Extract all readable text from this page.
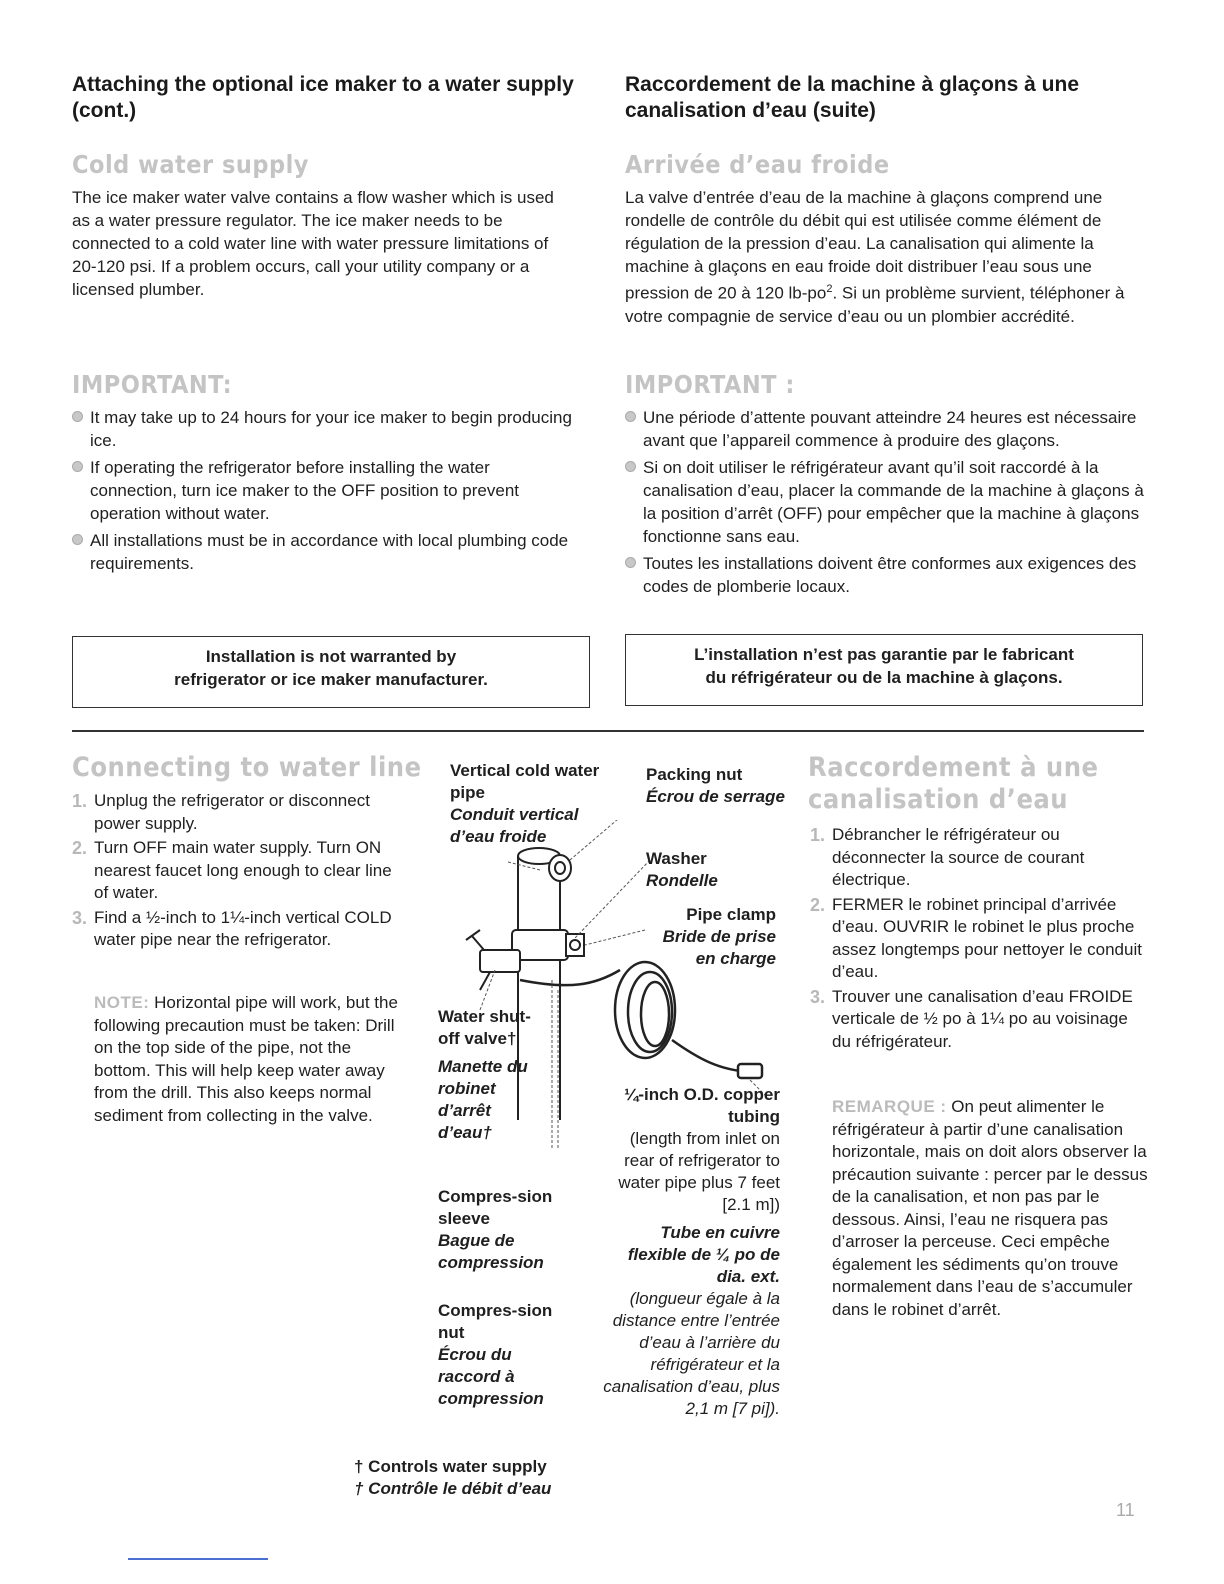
Attaching the optional ice maker to a water supply (cont.)
Cold water supply
The ice maker water valve contains a flow washer which is used as a water pressure regulator. The ice maker needs to be connected to a cold water line with water pressure limitations of 20-120 psi. If a problem occurs, call your utility company or a licensed plumber.
IMPORTANT:
It may take up to 24 hours for your ice maker to begin producing ice.
If operating the refrigerator before installing the water connection, turn ice maker to the OFF position to prevent operation without water.
All installations must be in accordance with local plumbing code requirements.
Installation is not warranted by
refrigerator or ice maker manufacturer.
Raccordement de la machine à glaçons à une canalisation d’eau (suite)
Arrivée d’eau froide
La valve d’entrée d’eau de la machine à glaçons comprend une rondelle de contrôle du débit qui est utilisée comme élément de régulation de la pression d’eau. La canalisation qui alimente la machine à glaçons en eau froide doit distribuer l’eau sous une pression de 20 à 120 $lb-po^2$. Si un problème survient, téléphoner à votre compagnie de service d’eau ou un plombier accrédité.
IMPORTANT :
Une période d’attente pouvant atteindre 24 heures est nécessaire avant que l’appareil commence à produire des glaçons.
Si on doit utiliser le réfrigérateur avant qu’il soit raccordé à la canalisation d’eau, placer la commande de la machine à glaçons à la position d’arrêt (OFF) pour empêcher que la machine à glaçons fonctionne sans eau.
Toutes les installations doivent être conformes aux exigences des codes de plomberie locaux.
L’installation n’est pas garantie par le fabricant
du réfrigérateur ou de la machine à glaçons.
Connecting to water line
1. Unplug the refrigerator or disconnect power supply.
2. Turn OFF main water supply. Turn ON nearest faucet long enough to clear line of water.
3. Find a ½-inch to 1¼-inch vertical COLD water pipe near the refrigerator.
NOTE: Horizontal pipe will work, but the following precaution must be taken: Drill on the top side of the pipe, not the bottom. This will help keep water away from the drill. This also keeps normal sediment from collecting in the valve.
Vertical cold water pipe
Conduit vertical d’eau froide
Packing nut
Écrou de serrage
Washer
Rondelle
Pipe clamp
Bride de prise
en charge
Water shut-off valve†
Manette du robinet d’arrêt d’eau†
¼-inch O.D. copper tubing
(length from inlet on rear of refrigerator to water pipe plus 7 feet [2.1 m])
Tube en cuivre flexible de ¼ po de dia. ext.
(longueur égale à la distance entre l’entrée d’eau à l’arrière du réfrigérateur et la canalisation d’eau, plus 2,1 m [7 pi]).
Compres-sion sleeve
Bague de compression
Compres-sion nut
Écrou du raccord à compression
† Controls water supply
† Contrôle le débit d’eau
Raccordement à une
canalisation d’eau
1. Débrancher le réfrigérateur ou déconnecter la source de courant électrique.
2. FERMER le robinet principal d’arrivée d’eau. OUVRIR le robinet le plus proche assez longtemps pour nettoyer le conduit d’eau.
3. Trouver une canalisation d’eau FROIDE verticale de ½ po à 1¼ po au voisinage du réfrigérateur.
REMARQUE : On peut alimenter le réfrigérateur à partir d’une canalisation horizontale, mais on doit alors observer la précaution suivante : percer par le dessus de la canalisation, et non pas par le dessous. Ainsi, l’eau ne risquera pas d’arroser la perceuse. Ceci empêche également les sédiments qu’on trouve normalement dans l’eau de s’accumuler dans le robinet d’arrêt.
11
